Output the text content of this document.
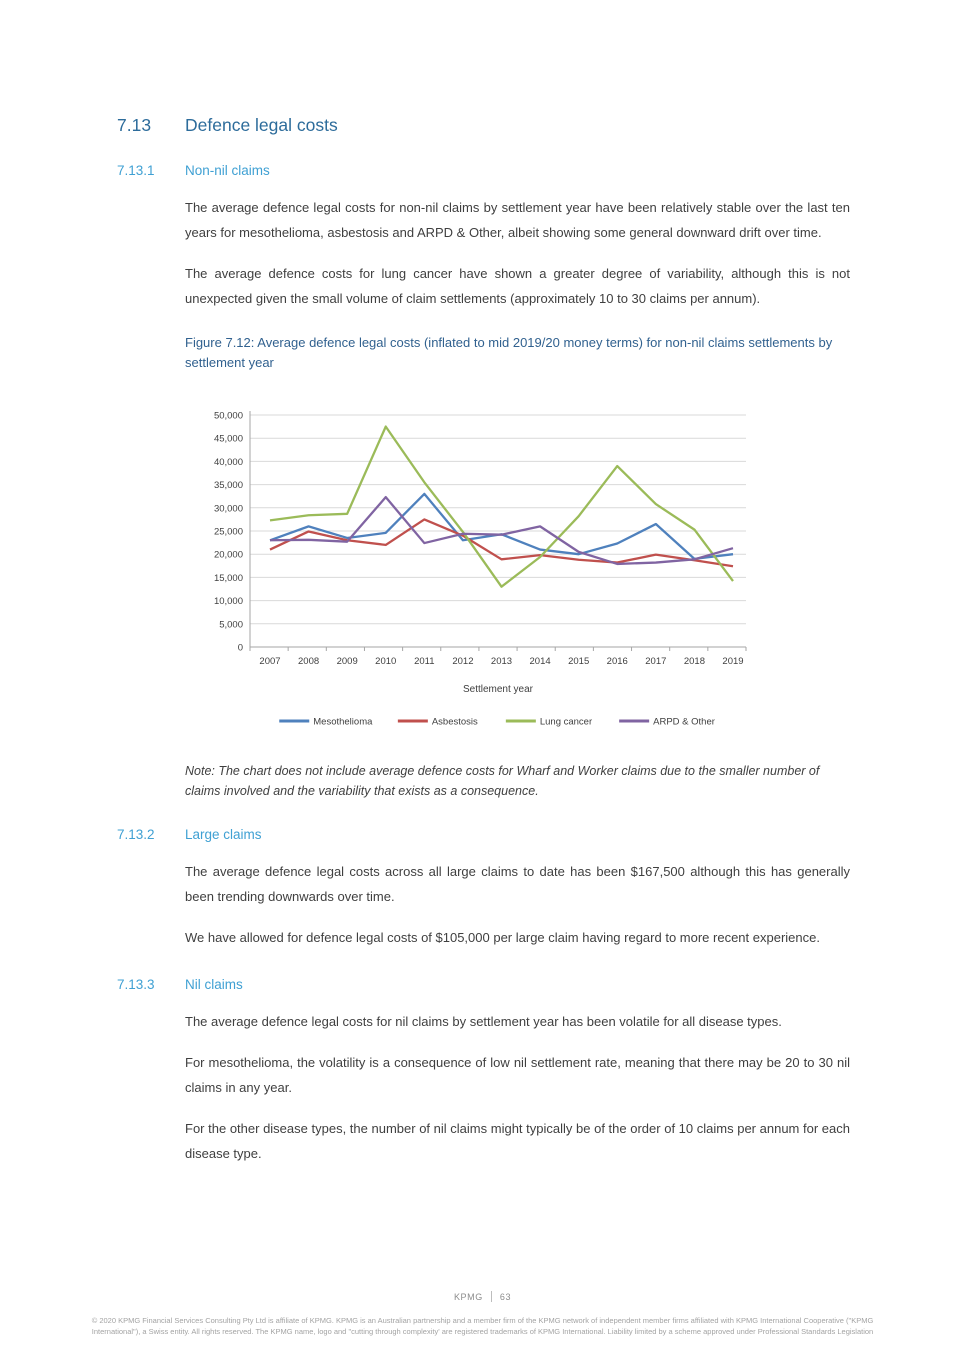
7.13	Defence legal costs
7.13.1	Non-nil claims

The average defence legal costs for non-nil claims by settlement year have been relatively stable over the last ten years for mesothelioma, asbestosis and ARPD & Other, albeit showing some general downward drift over time.

The average defence costs for lung cancer have shown a greater degree of variability, although this is not unexpected given the small volume of claim settlements (approximately 10 to 30 claims per annum).

Figure 7.12: Average defence legal costs (inflated to mid 2019/20 money terms) for non-nil claims settlements by settlement year

0
5,000
10,000
15,000
20,000
25,000
30,000
35,000
40,000
45,000
50,000
2007 2008 2009 2010 2011 2012 2013 2014 2015 2016 2017 2018 2019
Settlement year
Mesothelioma	Asbestosis	Lung cancer	ARPD & Other

Note: The chart does not include average defence costs for Wharf and Worker claims due to the smaller number of claims involved and the variability that exists as a consequence.

7.13.2	Large claims

The average defence legal costs across all large claims to date has been $167,500 although this has generally been trending downwards over time.

We have allowed for defence legal costs of $105,000 per large claim having regard to more recent experience.

7.13.3	Nil claims

The average defence legal costs for nil claims by settlement year has been volatile for all disease types.

For mesothelioma, the volatility is a consequence of low nil settlement rate, meaning that there may be 20 to 30 nil claims in any year.

For the other disease types, the number of nil claims might typically be of the order of 10 claims per annum for each disease type.

KPMG 63
© 2020 KPMG Financial Services Consulting Pty Ltd is affiliate of KPMG. KPMG is an Australian partnership and a member firm of the KPMG network of independent member firms affiliated with KPMG International Cooperative ("KPMG International"), a Swiss entity. All rights reserved. The KPMG name, logo and "cutting through complexity' are registered trademarks of KPMG International. Liability limited by a scheme approved under Professional Standards Legislation
